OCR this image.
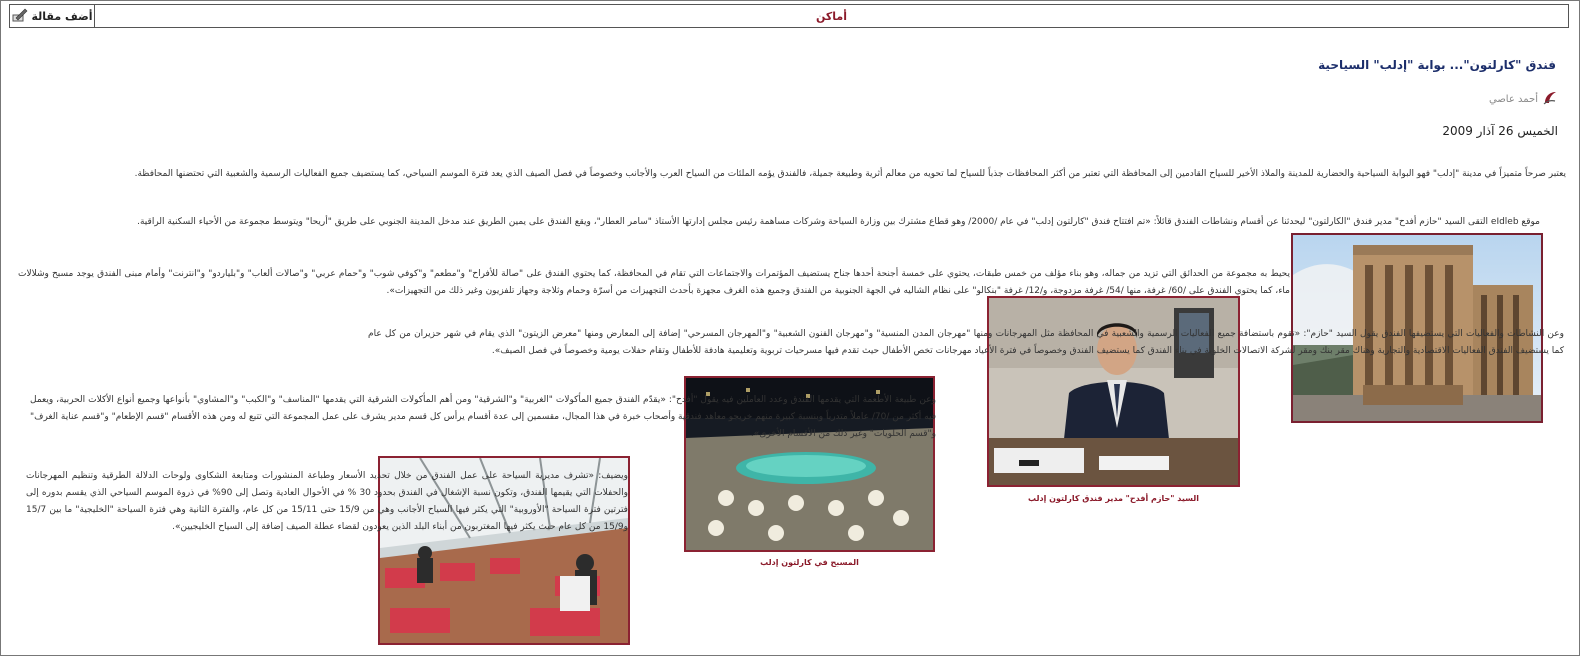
أضف مقالة	أماكن
فندق "كارلتون"... بوابة "إدلب" السياحية
أحمد عاصي
الخميس 26 آذار 2009
يعتبر صرحاً متميزاً في مدينة "إدلب" فهو البوابة السياحية والحضارية للمدينة والملاذ الأخير للسياح القادمين إلى المحافظة التي تعتبر من أكثر المحافظات جذباً للسياح لما تحويه من معالم أثرية وطبيعة جميلة، فالفندق يؤمه الملئات من السياح العرب والأجانب وخصوصاً في فصل الصيف الذي يعد فترة الموسم السياحي، كما يستضيف جميع الفعاليات الرسمية والشعبية التي تحتضنها المحافظة.
موقع eIdleb التقى السيد "حازم أفدح" مدير فندق "الكارلتون" ليحدثنا عن أقسام ونشاطات الفندق قائلاً: «تم افتتاح فندق "كارلتون إدلب" في عام /2000/ وهو قطاع مشترك بين وزارة السياحة وشركات مساهمة رئيس مجلس إدارتها الأستاذ "سامر العطار"، ويقع الفندق على يمين الطريق عند مدخل المدينة الجنوبي على طريق "أريحا" ويتوسط مجموعة من الأحياء السكنية الراقية.
يحيط به مجموعة من الحدائق التي تزيد من جماله، وهو بناء مؤلف من خمس طبقات، يحتوي على خمسة أجنحة أحدها جناح يستضيف المؤتمرات والاجتماعات التي تقام في المحافظة، كما يحتوي الفندق على "صالة للأفراح" و"مطعم" و"كوفي شوب" و"حمام عربي" و"صالات ألعاب" و"بلياردو" و"انترنت" وأمام مبنى الفندق يوجد مسبح وشلالات ماء، كما يحتوي الفندق على /60/ غرفة، منها /54/ غرفة مزدوجة، و/12/ غرفة "بنكالو" على نظام الشاليه في الجهة الجنوبية من الفندق وجميع هذه الغرف مجهزة بأحدث التجهيزات من أسرّة وحمام وثلاجة وجهاز تلفزيون وغير ذلك من التجهيزات».
السيد "حازم أفدح" مدير فندق كارلتون إدلب
وعن النشاطات والفعاليات التي يستضيفها الفندق يقول السيد "حازم": «تقوم باستضافة جميع الفعاليات الرسمية والشعبية في المحافظة مثل المهرجانات ومنها "مهرجان المدن المنسية" و"مهرجان الفنون الشعبية" و"المهرجان المسرحي" إضافة إلى المعارض ومنها "معرض الزيتون" الذي يقام في شهر حزيران من كل عام كما يستضيف الفندق الفعاليات الاقتصادية والتجارية وهناك مقر بنك ومقر لشركة الاتصالات الخلوية في بناء الفندق كما يستضيف الفندق وخصوصاً في فترة الأعياد مهرجانات تخص الأطفال حيث تقدم فيها مسرحيات تربوية وتعليمية هادفة للأطفال وتقام حفلات يومية وخصوصاً في فصل الصيف».
المسبح في كارلتون إدلب
وعن طبيعة الأطعمة التي يقدمها الفندق وعدد العاملين فيه يقول "أفدح": «يقدّم الفندق جميع المأكولات "الغربية" و"الشرقية" ومن أهم المأكولات الشرقية التي يقدمها "المناسف" و"الكبب" و"المشاوي" بأنواعها وجميع أنواع الأكلات الحربية، ويعمل فيه أكثر من /70/ عاملاً متدرباً وبنسبة كبيرة منهم خريجو معاهد فندقية وأصحاب خبرة في هذا المجال، مقسمين إلى عدة أقسام يرأس كل قسم مدير يشرف على عمل المجموعة التي تتبع له ومن هذه الأقسام "قسم الإطعام" و"قسم عناية الغرف" و"قسم الحلويات" وغير ذلك من الأقسام الأخرى».
ويضيف: «تشرف مديرية السياحة على عمل الفندق من خلال تحديد الأسعار وطباعة المنشورات ومتابعة الشكاوى ولوحات الدلالة الطرقية وتنظيم المهرجانات والحفلات التي يقيمها الفندق، وتكون نسبة الإشغال في الفندق بحدود 30 % في الأحوال العادية وتصل إلى 90% في ذروة الموسم السياحي الذي يقسم بدوره إلى فترتين فترة السياحة "الأوروبية" التي يكثر فيها السياح الأجانب وهي من 15/9 حتى 15/11 من كل عام، والفترة الثانية وهي فترة السياحة "الخليجية" ما بين 15/7 و15/9 من كل عام حيث يكثر فيها المغتربون من أبناء البلد الذين يعودون لقضاء عطلة الصيف إضافة إلى السياح الخليجيين».
